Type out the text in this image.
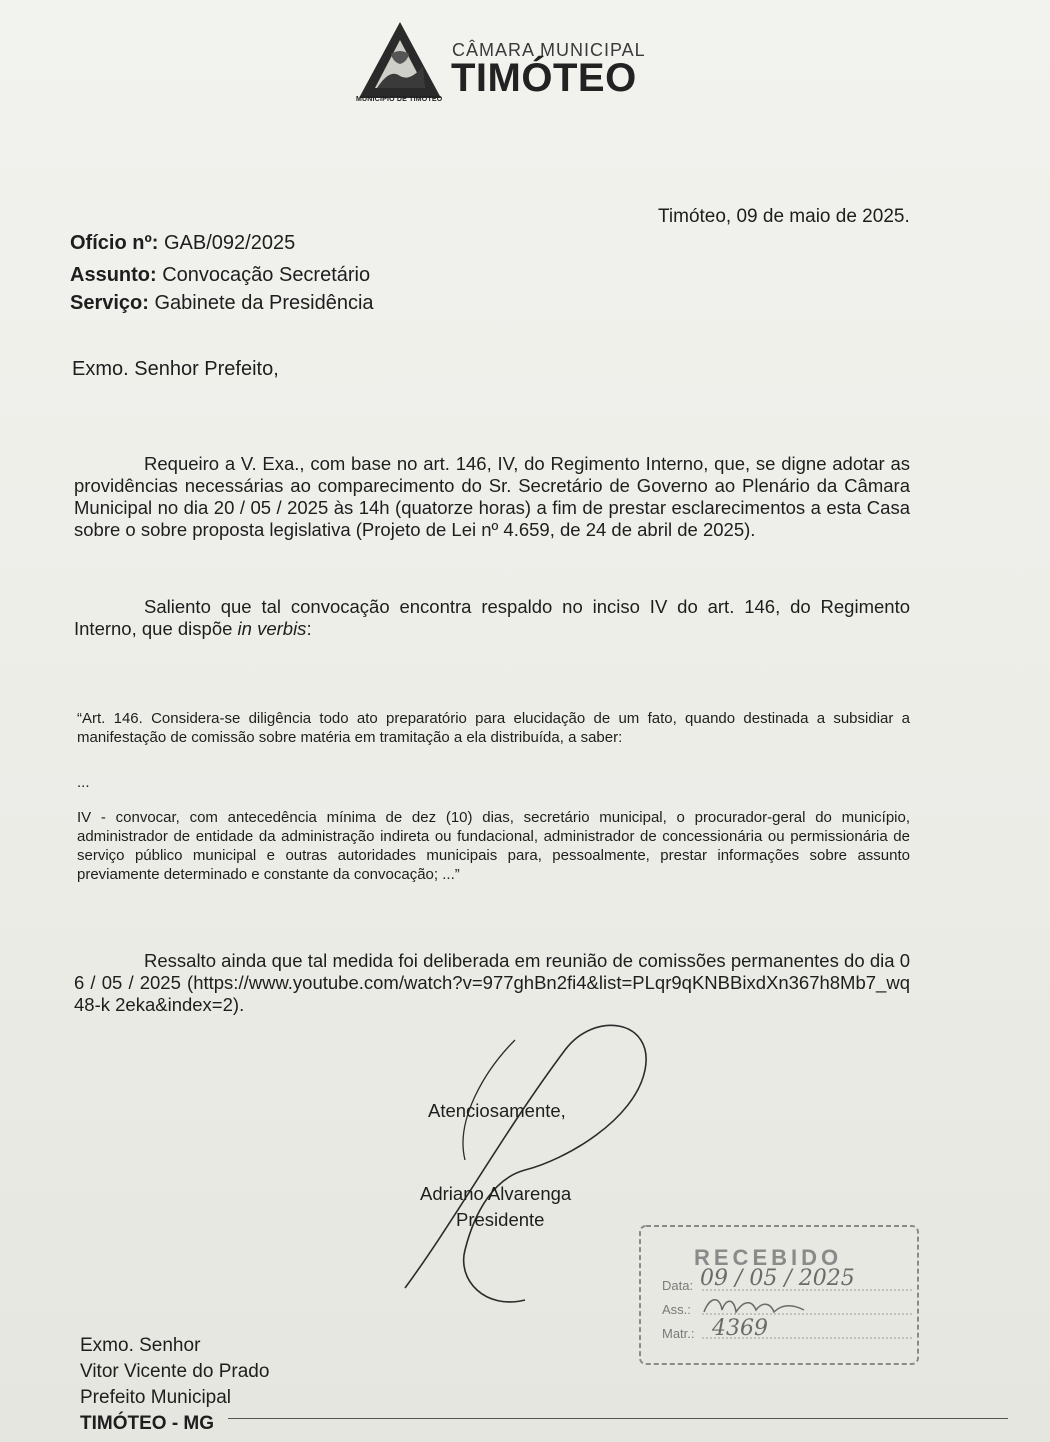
MUNICÍPIO DE TIMÓTEO
CÂMARA MUNICIPAL
TIMÓTEO
Timóteo, 09 de maio de 2025.
Ofício nº: GAB/092/2025
Assunto: Convocação Secretário
Serviço: Gabinete da Presidência
Exmo. Senhor Prefeito,
Requeiro a V. Exa., com base no art. 146, IV, do Regimento Interno, que, se digne adotar as providências necessárias ao comparecimento do Sr. Secretário de Governo ao Plenário da Câmara Municipal no dia 20 / 05 / 2025 às 14h (quatorze horas) a fim de prestar esclarecimentos a esta Casa sobre o sobre proposta legislativa (Projeto de Lei nº 4.659, de 24 de abril de 2025).
Saliento que tal convocação encontra respaldo no inciso IV do art. 146, do Regimento Interno, que dispõe in verbis:
“Art. 146. Considera-se diligência todo ato preparatório para elucidação de um fato, quando destinada a subsidiar a manifestação de comissão sobre matéria em tramitação a ela distribuída, a saber:
...
IV - convocar, com antecedência mínima de dez (10) dias, secretário municipal, o procurador-geral do município, administrador de entidade da administração indireta ou fundacional, administrador de concessionária ou permissionária de serviço público municipal e outras autoridades municipais para, pessoalmente, prestar informações sobre assunto previamente determinado e constante da convocação; ...”
Ressalto ainda que tal medida foi deliberada em reunião de comissões permanentes do dia 06 / 05 / 2025 (https://www.youtube.com/watch?v=977ghBn2fi4&list=PLqr9qKNBBixdXn367h8Mb7_wq48-k 2eka&index=2).
Atenciosamente,
Adriano Alvarenga
Presidente
RECEBIDO
Data: 09 / 05 / 2025
Ass.:
Matr.: 4369
Exmo. Senhor
Vitor Vicente do Prado
Prefeito Municipal
TIMÓTEO - MG
